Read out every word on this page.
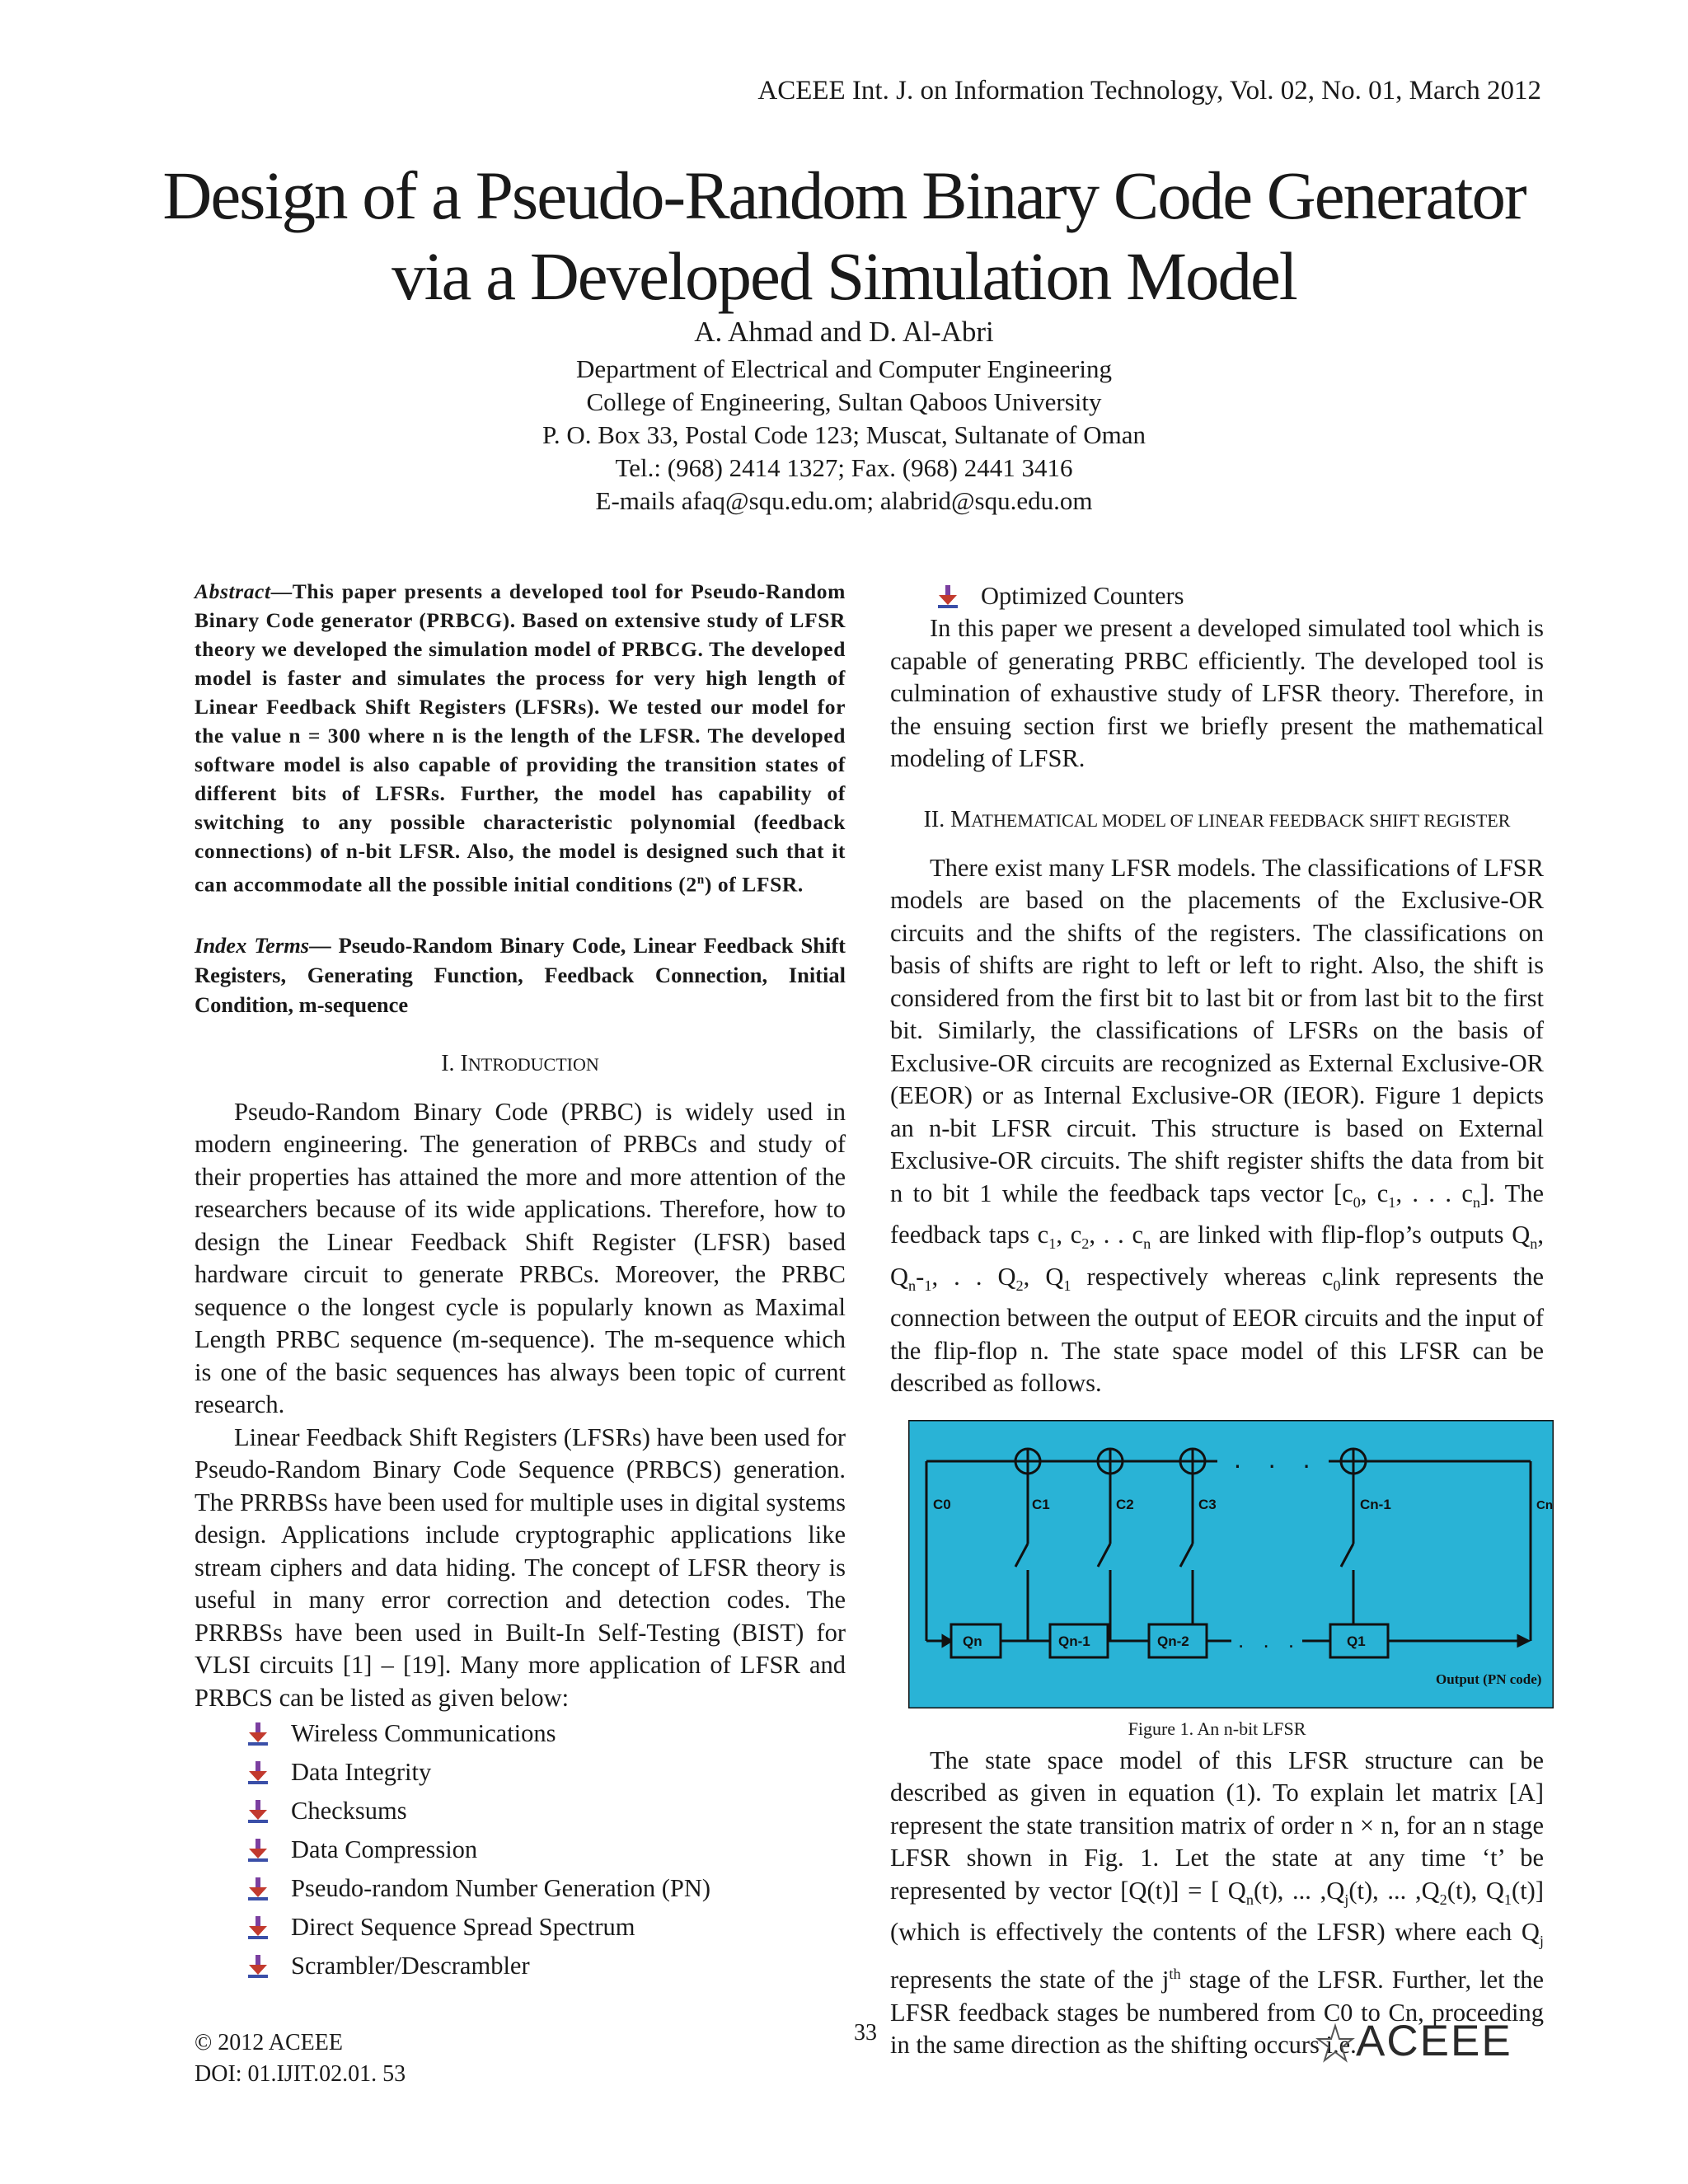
ACEEE Int. J. on Information Technology, Vol. 02, No. 01, March 2012
Design of a Pseudo-Random Binary Code Generator
via a Developed Simulation Model
A. Ahmad and D. Al-Abri
Department of Electrical and Computer Engineering
College of Engineering, Sultan Qaboos University
P. O. Box 33, Postal Code 123; Muscat, Sultanate of Oman
Tel.: (968) 2414 1327; Fax. (968) 2441 3416
E-mails afaq@squ.edu.om; alabrid@squ.edu.om

Abstract—This paper presents a developed tool for Pseudo-Random Binary Code generator (PRBCG). Based on extensive study of LFSR theory we developed the simulation model of PRBCG. The developed model is faster and simulates the process for very high length of Linear Feedback Shift Registers (LFSRs). We tested our model for the value n = 300 where n is the length of the LFSR. The developed software model is also capable of providing the transition states of different bits of LFSRs. Further, the model has capability of switching to any possible characteristic polynomial (feedback connections) of n-bit LFSR. Also, the model is designed such that it can accommodate all the possible initial conditions (2$^n$) of LFSR.

Index Terms— Pseudo-Random Binary Code, Linear Feedback Shift Registers, Generating Function, Feedback Connection, Initial Condition, m-sequence

I. INTRODUCTION

Pseudo-Random Binary Code (PRBC) is widely used in modern engineering. The generation of PRBCs and study of their properties has attained the more and more attention of the researchers because of its wide applications. Therefore, how to design the Linear Feedback Shift Register (LFSR) based hardware circuit to generate PRBCs. Moreover, the PRBC sequence o the longest cycle is popularly known as Maximal Length PRBC sequence (m-sequence). The m-sequence which is one of the basic sequences has always been topic of current research.

Linear Feedback Shift Registers (LFSRs) have been used for Pseudo-Random Binary Code Sequence (PRBCS) generation. The PRRBSs have been used for multiple uses in digital systems design. Applications include cryptographic applications like stream ciphers and data hiding. The concept of LFSR theory is useful in many error correction and detection codes. The PRRBSs have been used in Built-In Self-Testing (BIST) for VLSI circuits [1] – [19]. Many more application of LFSR and PRBCS can be listed as given below:

Wireless Communications
Data Integrity
Checksums
Data Compression
Pseudo-random Number Generation (PN)
Direct Sequence Spread Spectrum
Scrambler/Descrambler
Optimized Counters

In this paper we present a developed simulated tool which is capable of generating PRBC efficiently. The developed tool is culmination of exhaustive study of LFSR theory. Therefore, in the ensuing section first we briefly present the mathematical modeling of LFSR.

II. MATHEMATICAL MODEL OF LINEAR FEEDBACK SHIFT REGISTER

There exist many LFSR models. The classifications of LFSR models are based on the placements of the Exclusive-OR circuits and the shifts of the registers. The classifications on basis of shifts are right to left or left to right. Also, the shift is considered from the first bit to last bit or from last bit to the first bit. Similarly, the classifications of LFSRs on the basis of Exclusive-OR circuits are recognized as External Exclusive-OR (EEOR) or as Internal Exclusive-OR (IEOR). Figure 1 depicts an n-bit LFSR circuit. This structure is based on External Exclusive-OR circuits. The shift register shifts the data from bit n to bit 1 while the feedback taps vector [$c_0$, $c_1$, . . . $c_n$]. The feedback taps $c_1$, $c_2$, . . $c_n$ are linked with flip-flop’s outputs $Q_n$, $Q_n-_1$, . . $Q_2$, $Q_1$ respectively whereas $c_0link$ represents the connection between the output of EEOR circuits and the input of the flip-flop n. The state space model of this LFSR can be described as follows.

. . .
. . .
Qn	Qn-1	Qn-2	Q1
C0	C1	C2	C3	Cn-1	Cn
Output (PN code)

Figure 1. An n-bit LFSR

The state space model of this LFSR structure can be described as given in equation (1). To explain let matrix [A] represent the state transition matrix of order n × n, for an n stage LFSR shown in Fig. 1. Let the state at any time ‘t’ be represented by vector [Q(t)] = [ $Q_n(t)$, ... $,Q_j(t)$, ... $,Q_2(t)$, $Q_1(t)$] (which is effectively the contents of the LFSR) where each $Q_j$ represents the state of the $j^{th}$ stage of the LFSR. Further, let the LFSR feedback stages be numbered from C0 to Cn, proceeding in the same direction as the shifting occurs i.e.

© 2012 ACEEE
DOI: 01.IJIT.02.01. 53
33	ACEEE
